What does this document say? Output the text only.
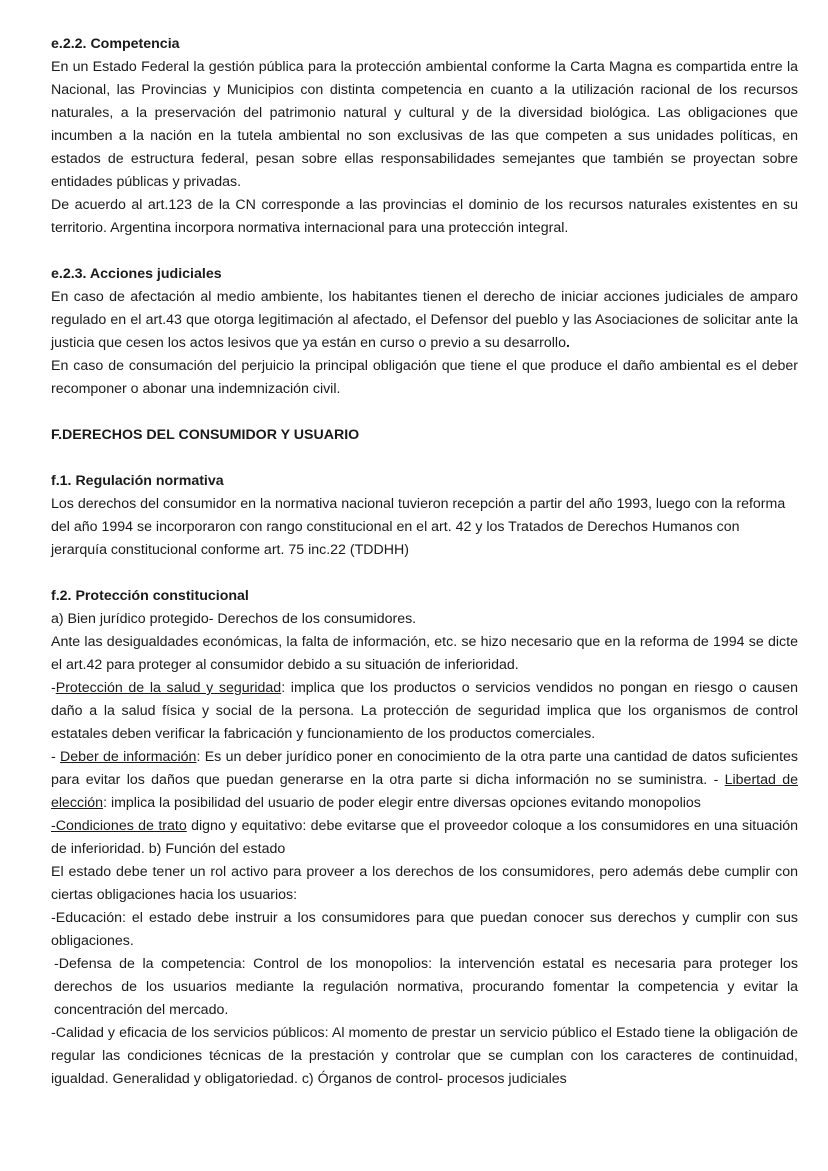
e.2.2. Competencia

En un Estado Federal la gestión pública para la protección ambiental conforme la Carta Magna es compartida entre la Nacional, las Provincias y Municipios con distinta competencia en cuanto a la utilización racional de los recursos naturales, a la preservación del patrimonio natural y cultural y de la diversidad biológica. Las obligaciones que incumben a la nación en la tutela ambiental no son exclusivas de las que competen a sus unidades políticas, en estados de estructura federal, pesan sobre ellas responsabilidades semejantes que también se proyectan sobre entidades públicas y privadas.

De acuerdo al art.123 de la CN corresponde a las provincias el dominio de los recursos naturales existentes en su territorio. Argentina incorpora normativa internacional para una protección integral.

e.2.3. Acciones judiciales

En caso de afectación al medio ambiente, los habitantes tienen el derecho de iniciar acciones judiciales de amparo regulado en el art.43 que otorga legitimación al afectado, el Defensor del pueblo y las Asociaciones de solicitar ante la justicia que cesen los actos lesivos que ya están en curso o previo a su desarrollo.

En caso de consumación del perjuicio la principal obligación que tiene el que produce el daño ambiental es el deber recomponer o abonar una indemnización civil.

F.DERECHOS DEL CONSUMIDOR Y USUARIO

f.1. Regulación normativa

Los derechos del consumidor en la normativa nacional tuvieron recepción a partir del año 1993, luego con la reforma del año 1994 se incorporaron con rango constitucional en el art. 42 y los Tratados de Derechos Humanos con jerarquía constitucional conforme art. 75 inc.22 (TDDHH)

f.2. Protección constitucional

a) Bien jurídico protegido- Derechos de los consumidores.

Ante las desigualdades económicas, la falta de información, etc. se hizo necesario que en la reforma de 1994 se dicte el art.42 para proteger al consumidor debido a su situación de inferioridad.

-Protección de la salud y seguridad: implica que los productos o servicios vendidos no pongan en riesgo o causen daño a la salud física y social de la persona. La protección de seguridad implica que los organismos de control estatales deben verificar la fabricación y funcionamiento de los productos comerciales.

- Deber de información: Es un deber jurídico poner en conocimiento de la otra parte una cantidad de datos suficientes para evitar los daños que puedan generarse en la otra parte si dicha información no se suministra. - Libertad de elección: implica la posibilidad del usuario de poder elegir entre diversas opciones evitando monopolios

-Condiciones de trato digno y equitativo: debe evitarse que el proveedor coloque a los consumidores en una situación de inferioridad. b) Función del estado

El estado debe tener un rol activo para proveer a los derechos de los consumidores, pero además debe cumplir con ciertas obligaciones hacia los usuarios:

-Educación: el estado debe instruir a los consumidores para que puedan conocer sus derechos y cumplir con sus obligaciones.

-Defensa de la competencia: Control de los monopolios: la intervención estatal es necesaria para proteger los derechos de los usuarios mediante la regulación normativa, procurando fomentar la competencia y evitar la concentración del mercado.

-Calidad y eficacia de los servicios públicos: Al momento de prestar un servicio público el Estado tiene la obligación de regular las condiciones técnicas de la prestación y controlar que se cumplan con los caracteres de continuidad, igualdad. Generalidad y obligatoriedad. c) Órganos de control- procesos judiciales
